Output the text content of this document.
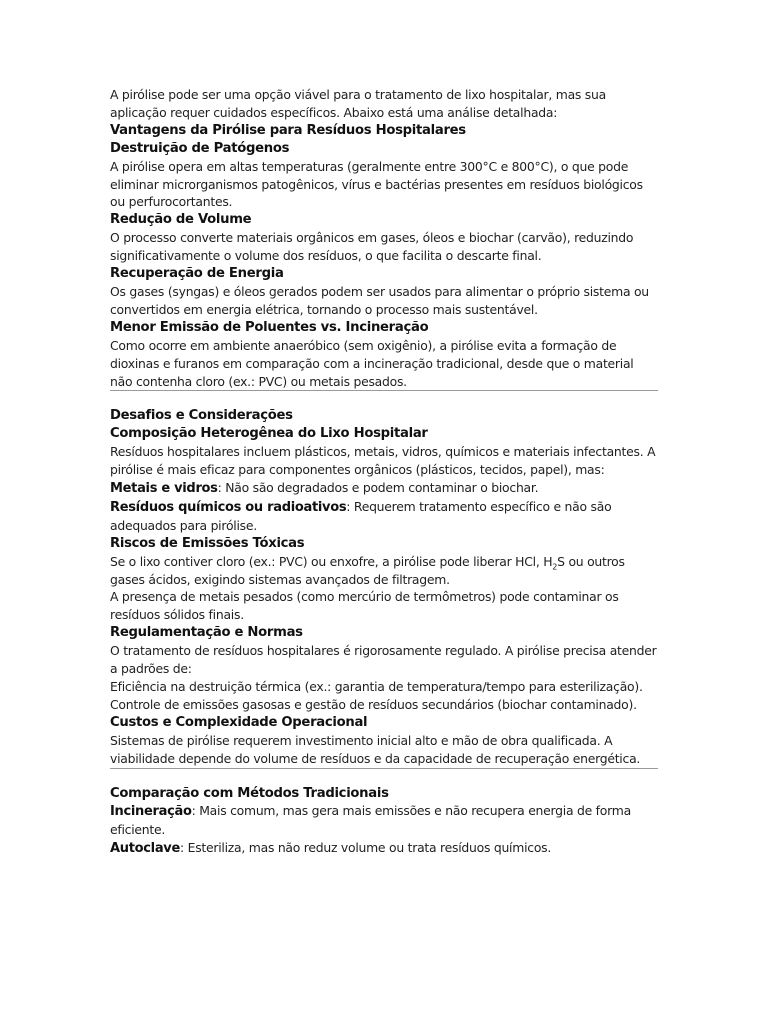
A pirólise pode ser uma opção viável para o tratamento de lixo hospitalar, mas sua aplicação requer cuidados específicos. Abaixo está uma análise detalhada:

Vantagens da Pirólise para Resíduos Hospitalares

Destruição de Patógenos

A pirólise opera em altas temperaturas (geralmente entre 300°C e 800°C), o que pode eliminar microrganismos patogênicos, vírus e bactérias presentes em resíduos biológicos ou perfurocortantes.

Redução de Volume

O processo converte materiais orgânicos em gases, óleos e biochar (carvão), reduzindo significativamente o volume dos resíduos, o que facilita o descarte final.

Recuperação de Energia

Os gases (syngas) e óleos gerados podem ser usados para alimentar o próprio sistema ou convertidos em energia elétrica, tornando o processo mais sustentável.

Menor Emissão de Poluentes vs. Incineração

Como ocorre em ambiente anaeróbico (sem oxigênio), a pirólise evita a formação de dioxinas e furanos em comparação com a incineração tradicional, desde que o material não contenha cloro (ex.: PVC) ou metais pesados.

Desafios e Considerações

Composição Heterogênea do Lixo Hospitalar

Resíduos hospitalares incluem plásticos, metais, vidros, químicos e materiais infectantes. A pirólise é mais eficaz para componentes orgânicos (plásticos, tecidos, papel), mas:

Metais e vidros: Não são degradados e podem contaminar o biochar.

Resíduos químicos ou radioativos: Requerem tratamento específico e não são adequados para pirólise.

Riscos de Emissões Tóxicas

Se o lixo contiver cloro (ex.: PVC) ou enxofre, a pirólise pode liberar HCl, $H_2S$ ou outros gases ácidos, exigindo sistemas avançados de filtragem.

A presença de metais pesados (como mercúrio de termômetros) pode contaminar os resíduos sólidos finais.

Regulamentação e Normas

O tratamento de resíduos hospitalares é rigorosamente regulado. A pirólise precisa atender a padrões de:

Eficiência na destruição térmica (ex.: garantia de temperatura/tempo para esterilização).

Controle de emissões gasosas e gestão de resíduos secundários (biochar contaminado).

Custos e Complexidade Operacional

Sistemas de pirólise requerem investimento inicial alto e mão de obra qualificada. A viabilidade depende do volume de resíduos e da capacidade de recuperação energética.

Comparação com Métodos Tradicionais

Incineração: Mais comum, mas gera mais emissões e não recupera energia de forma eficiente.

Autoclave: Esteriliza, mas não reduz volume ou trata resíduos químicos.
